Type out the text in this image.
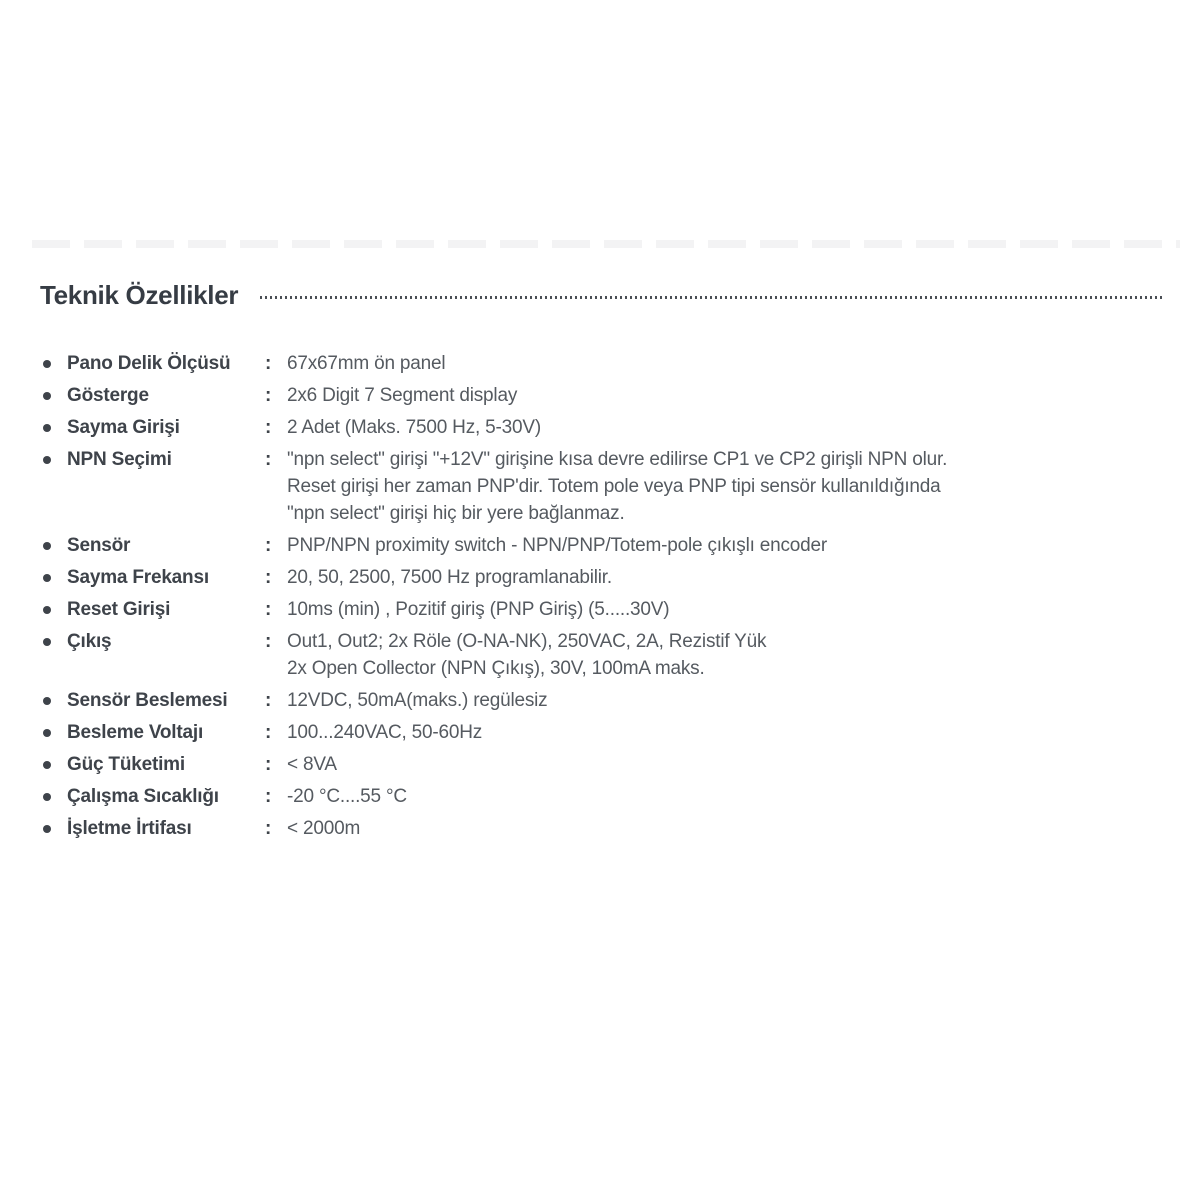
Teknik Özellikler
Pano Delik Ölçüsü	: 67x67mm ön panel
Gösterge	: 2x6 Digit 7 Segment display
Sayma Girişi	: 2 Adet (Maks. 7500 Hz, 5-30V)
NPN Seçimi	: "npn select" girişi "+12V" girişine kısa devre edilirse CP1 ve CP2 girişli NPN olur.
Reset girişi her zaman PNP'dir. Totem pole veya PNP tipi sensör kullanıldığında
"npn select" girişi hiç bir yere bağlanmaz.
Sensör	: PNP/NPN proximity switch - NPN/PNP/Totem-pole çıkışlı encoder
Sayma Frekansı	: 20, 50, 2500, 7500 Hz programlanabilir.
Reset Girişi	: 10ms (min) , Pozitif giriş (PNP Giriş) (5.....30V)
Çıkış	: Out1, Out2; 2x Röle (O-NA-NK), 250VAC, 2A, Rezistif Yük
2x Open Collector (NPN Çıkış), 30V, 100mA maks.
Sensör Beslemesi	: 12VDC, 50mA(maks.) regülesiz
Besleme Voltajı	: 100...240VAC, 50-60Hz
Güç Tüketimi	: < 8VA
Çalışma Sıcaklığı	: -20 °C....55 °C
İşletme İrtifası	: < 2000m
